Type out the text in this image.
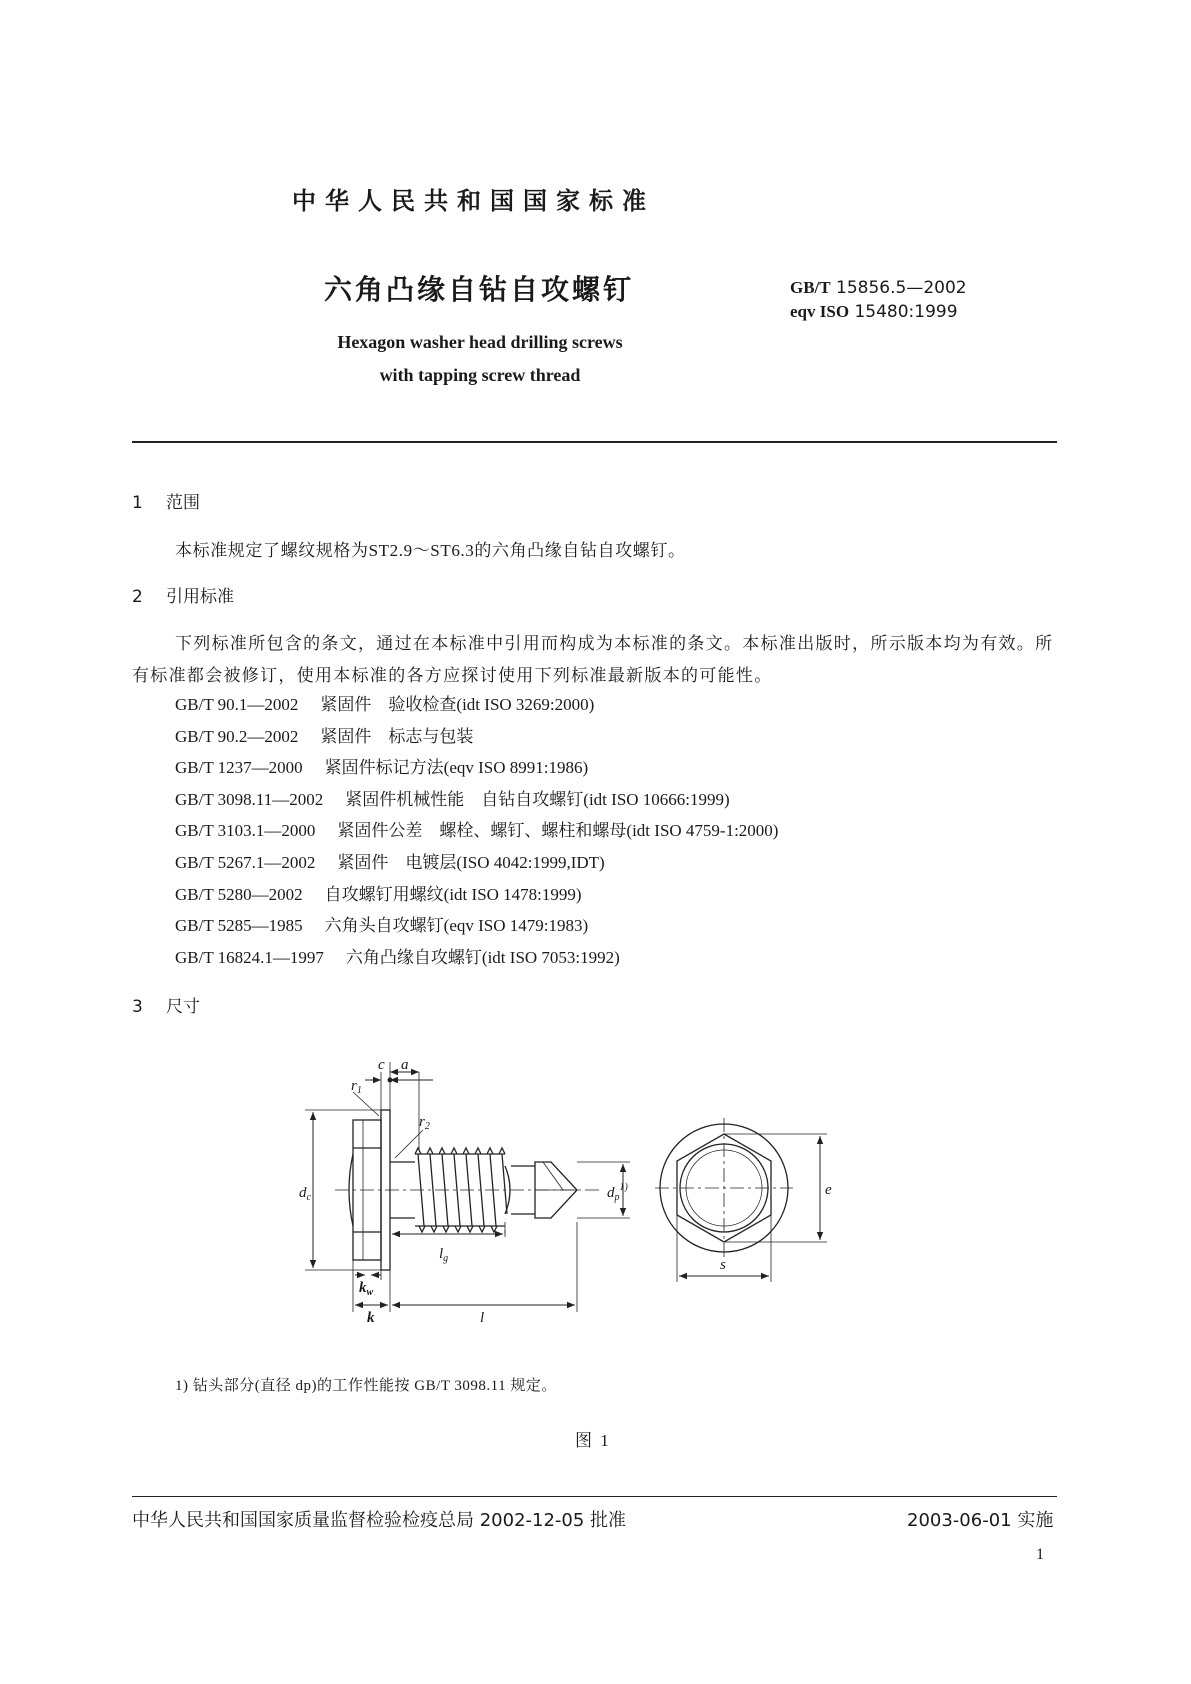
中华人民共和国国家标准
六角凸缘自钻自攻螺钉	GB/T 15856.5—2002
eqv ISO 15480:1999
Hexagon washer head drilling screws
with tapping screw thread
1 范围
本标准规定了螺纹规格为ST2.9～ST6.3的六角凸缘自钻自攻螺钉。
2 引用标准
下列标准所包含的条文，通过在本标准中引用而构成为本标准的条文。本标准出版时，所示版本均为有效。所有标准都会被修订，使用本标准的各方应探讨使用下列标准最新版本的可能性。
GB/T 90.1—2002 紧固件　验收检查(idt ISO 3269:2000)
GB/T 90.2—2002 紧固件　标志与包装
GB/T 1237—2000 紧固件标记方法(eqv ISO 8991:1986)
GB/T 3098.11—2002 紧固件机械性能　自钻自攻螺钉(idt ISO 10666:1999)
GB/T 3103.1—2000 紧固件公差　螺栓、螺钉、螺柱和螺母(idt ISO 4759-1:2000)
GB/T 5267.1—2002 紧固件　电镀层(ISO 4042:1999,IDT)
GB/T 5280—2002 自攻螺钉用螺纹(idt ISO 1478:1999)
GB/T 5285—1985 六角头自攻螺钉(eqv ISO 1479:1983)
GB/T 16824.1—1997 六角凸缘自攻螺钉(idt ISO 7053:1992)
3 尺寸
c a
$r_1$
$r_2$
$d_c$	$d_p^{1)}$	e
s
$l_g$
$k_w$
k	l
1) 钻头部分(直径 dp)的工作性能按 GB/T 3098.11 规定。
图 1
中华人民共和国国家质量监督检验检疫总局 2002-12-05 批准	2003-06-01 实施
1
